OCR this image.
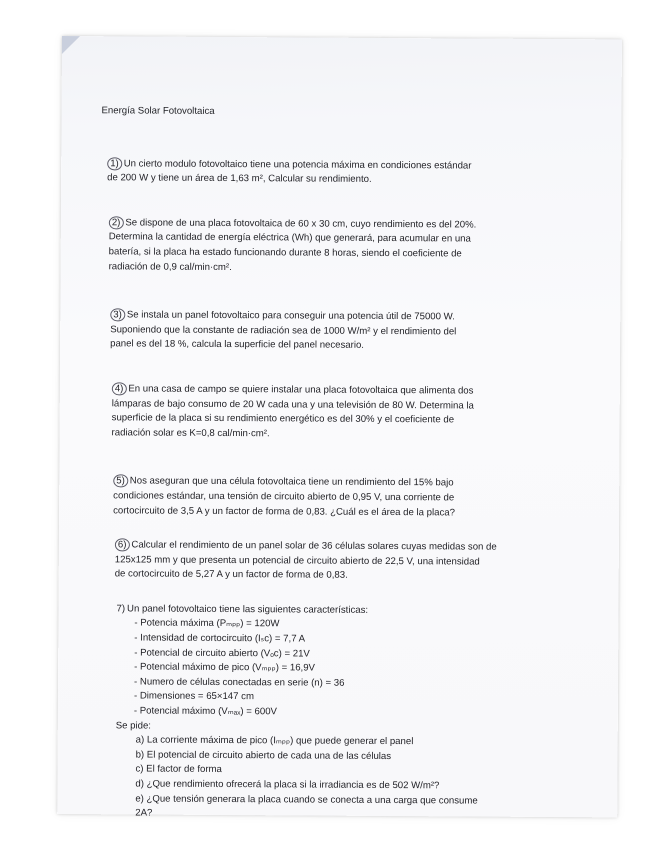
Energía Solar Fotovoltaica

1) Un cierto modulo fotovoltaico tiene una potencia máxima en condiciones estándar

de 200 W y tiene un área de 1,63 m², Calcular su rendimiento.

2) Se dispone de una placa fotovoltaica de 60 x 30 cm, cuyo rendimiento es del 20%.

Determina la cantidad de energía eléctrica (Wh) que generará, para acumular en una

batería, si la placa ha estado funcionando durante 8 horas, siendo el coeficiente de

radiación de 0,9 cal/min·cm².

3) Se instala un panel fotovoltaico para conseguir una potencia útil de 75000 W.

Suponiendo que la constante de radiación sea de 1000 W/m² y el rendimiento del

panel es del 18 %, calcula la superficie del panel necesario.

4) En una casa de campo se quiere instalar una placa fotovoltaica que alimenta dos

lámparas de bajo consumo de 20 W cada una y una televisión de 80 W. Determina la

superficie de la placa si su rendimiento energético es del 30% y el coeficiente de

radiación solar es K=0,8 cal/min·cm².

5) Nos aseguran que una célula fotovoltaica tiene un rendimiento del 15% bajo

condiciones estándar, una tensión de circuito abierto de 0,95 V, una corriente de

cortocircuito de 3,5 A y un factor de forma de 0,83. ¿Cuál es el área de la placa?

6) Calcular el rendimiento de un panel solar de 36 células solares cuyas medidas son de

125x125 mm y que presenta un potencial de circuito abierto de 22,5 V, una intensidad

de cortocircuito de 5,27 A y un factor de forma de 0,83.

7) Un panel fotovoltaico tiene las siguientes características:

- Potencia máxima (Pₘₚₚ) = 120W
- Intensidad de cortocircuito (Iₛc) = 7,7 A
- Potencial de circuito abierto (Vₒc) = 21V
- Potencial máximo de pico (Vₘₚₚ) = 16,9V
- Numero de células conectadas en serie (n) = 36
- Dimensiones = 65×147 cm
- Potencial máximo (Vₘₐₓ) = 600V

Se pide:

a) La corriente máxima de pico (Iₘₚₚ) que puede generar el panel
b) El potencial de circuito abierto de cada una de las células
c) El factor de forma
d) ¿Que rendimiento ofrecerá la placa si la irradiancia es de 502 W/m²?
e) ¿Que tensión generara la placa cuando se conecta a una carga que consume
2A?
